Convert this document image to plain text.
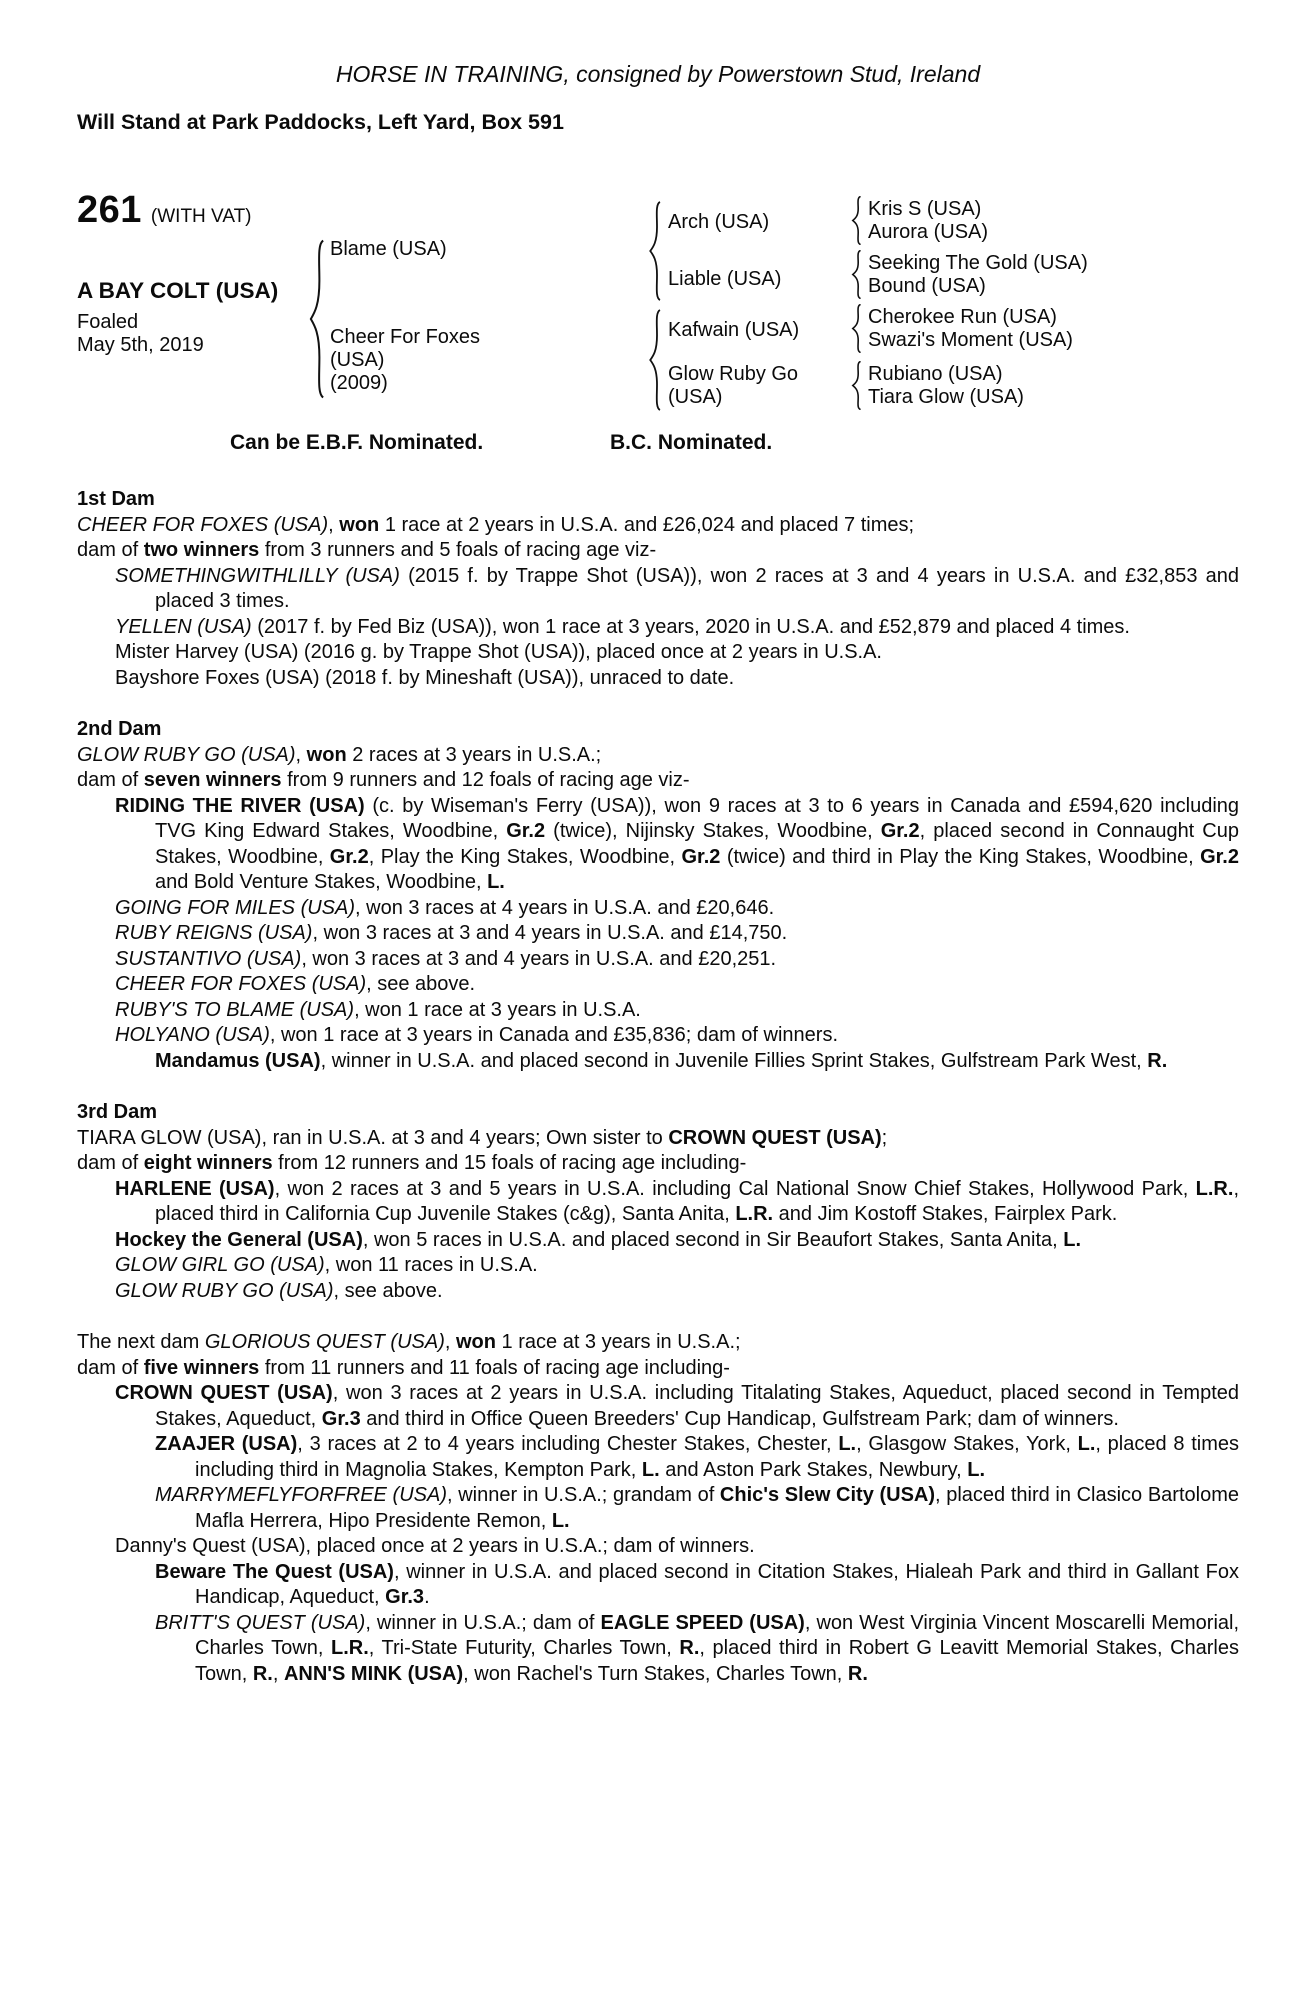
HORSE IN TRAINING, consigned by Powerstown Stud, Ireland
Will Stand at Park Paddocks, Left Yard, Box 591
261 (WITH VAT)
A BAY COLT (USA)
Foaled
May 5th, 2019
Blame (USA)
Cheer For Foxes
(USA)
(2009)
Arch (USA)
Liable (USA)
Kafwain (USA)
Glow Ruby Go
(USA)
Kris S (USA)
Aurora (USA)
Seeking The Gold (USA)
Bound (USA)
Cherokee Run (USA)
Swazi's Moment (USA)
Rubiano (USA)
Tiara Glow (USA)
Can be E.B.F. Nominated.	B.C. Nominated.
1st Dam

CHEER FOR FOXES (USA), won 1 race at 2 years in U.S.A. and £26,024 and placed 7 times;

dam of two winners from 3 runners and 5 foals of racing age viz-

SOMETHINGWITHLILLY (USA) (2015 f. by Trappe Shot (USA)), won 2 races at 3 and 4 years in U.S.A. and £32,853 and placed 3 times.

YELLEN (USA) (2017 f. by Fed Biz (USA)), won 1 race at 3 years, 2020 in U.S.A. and £52,879 and placed 4 times.

Mister Harvey (USA) (2016 g. by Trappe Shot (USA)), placed once at 2 years in U.S.A.

Bayshore Foxes (USA) (2018 f. by Mineshaft (USA)), unraced to date.

2nd Dam

GLOW RUBY GO (USA), won 2 races at 3 years in U.S.A.;

dam of seven winners from 9 runners and 12 foals of racing age viz-

RIDING THE RIVER (USA) (c. by Wiseman's Ferry (USA)), won 9 races at 3 to 6 years in Canada and £594,620 including TVG King Edward Stakes, Woodbine, Gr.2 (twice), Nijinsky Stakes, Woodbine, Gr.2, placed second in Connaught Cup Stakes, Woodbine, Gr.2, Play the King Stakes, Woodbine, Gr.2 (twice) and third in Play the King Stakes, Woodbine, Gr.2 and Bold Venture Stakes, Woodbine, L.

GOING FOR MILES (USA), won 3 races at 4 years in U.S.A. and £20,646.

RUBY REIGNS (USA), won 3 races at 3 and 4 years in U.S.A. and £14,750.

SUSTANTIVO (USA), won 3 races at 3 and 4 years in U.S.A. and £20,251.

CHEER FOR FOXES (USA), see above.

RUBY'S TO BLAME (USA), won 1 race at 3 years in U.S.A.

HOLYANO (USA), won 1 race at 3 years in Canada and £35,836; dam of winners.

Mandamus (USA), winner in U.S.A. and placed second in Juvenile Fillies Sprint Stakes, Gulfstream Park West, R.

3rd Dam

TIARA GLOW (USA), ran in U.S.A. at 3 and 4 years; Own sister to CROWN QUEST (USA);

dam of eight winners from 12 runners and 15 foals of racing age including-

HARLENE (USA), won 2 races at 3 and 5 years in U.S.A. including Cal National Snow Chief Stakes, Hollywood Park, L.R., placed third in California Cup Juvenile Stakes (c&g), Santa Anita, L.R. and Jim Kostoff Stakes, Fairplex Park.

Hockey the General (USA), won 5 races in U.S.A. and placed second in Sir Beaufort Stakes, Santa Anita, L.

GLOW GIRL GO (USA), won 11 races in U.S.A.

GLOW RUBY GO (USA), see above.

The next dam GLORIOUS QUEST (USA), won 1 race at 3 years in U.S.A.;

dam of five winners from 11 runners and 11 foals of racing age including-

CROWN QUEST (USA), won 3 races at 2 years in U.S.A. including Titalating Stakes, Aqueduct, placed second in Tempted Stakes, Aqueduct, Gr.3 and third in Office Queen Breeders' Cup Handicap, Gulfstream Park; dam of winners.

ZAAJER (USA), 3 races at 2 to 4 years including Chester Stakes, Chester, L., Glasgow Stakes, York, L., placed 8 times including third in Magnolia Stakes, Kempton Park, L. and Aston Park Stakes, Newbury, L.

MARRYMEFLYFORFREE (USA), winner in U.S.A.; grandam of Chic's Slew City (USA), placed third in Clasico Bartolome Mafla Herrera, Hipo Presidente Remon, L.

Danny's Quest (USA), placed once at 2 years in U.S.A.; dam of winners.

Beware The Quest (USA), winner in U.S.A. and placed second in Citation Stakes, Hialeah Park and third in Gallant Fox Handicap, Aqueduct, Gr.3.

BRITT'S QUEST (USA), winner in U.S.A.; dam of EAGLE SPEED (USA), won West Virginia Vincent Moscarelli Memorial, Charles Town, L.R., Tri-State Futurity, Charles Town, R., placed third in Robert G Leavitt Memorial Stakes, Charles Town, R., ANN'S MINK (USA), won Rachel's Turn Stakes, Charles Town, R.
